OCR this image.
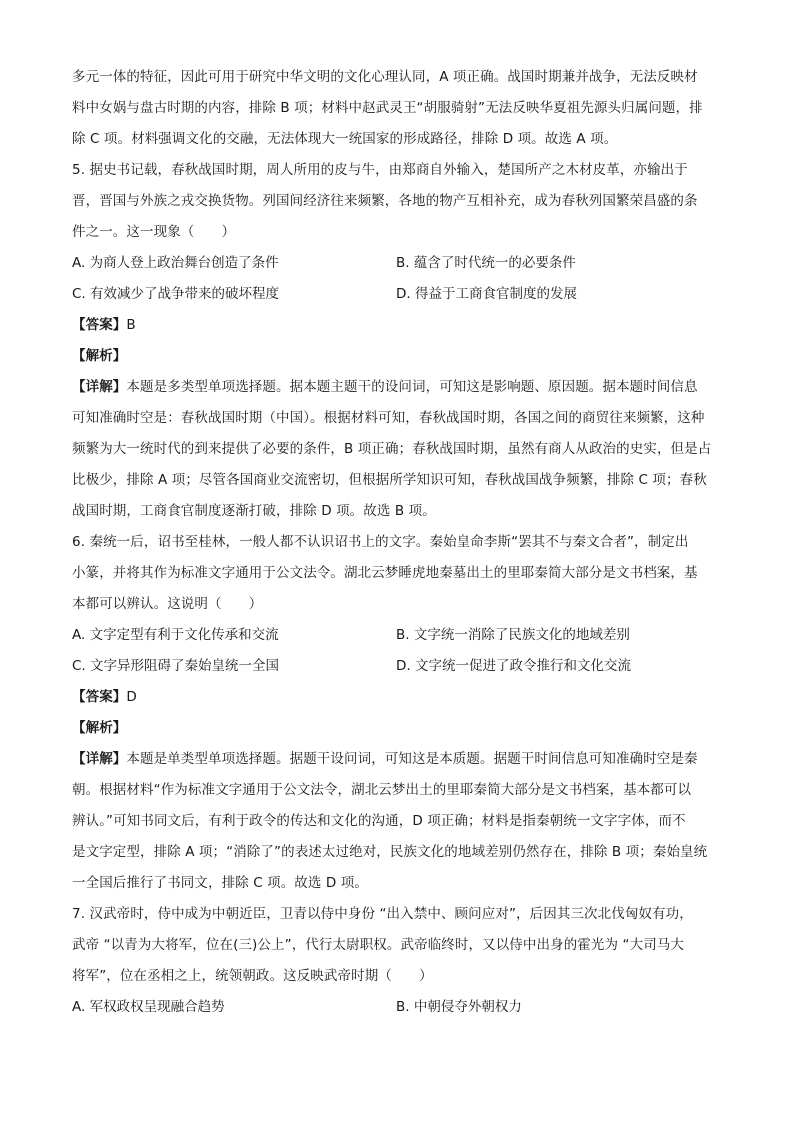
多元一体的特征，因此可用于研究中华文明的文化心理认同，A 项正确。战国时期兼并战争，无法反映材
料中女娲与盘古时期的内容，排除 B 项；材料中赵武灵王“胡服骑射”无法反映华夏祖先源头归属问题，排
除 C 项。材料强调文化的交融，无法体现大一统国家的形成路径，排除 D 项。故选 A 项。
5. 据史书记载，春秋战国时期，周人所用的皮与牛，由郑商自外输入，楚国所产之木材皮革，亦输出于
晋，晋国与外族之戎交换货物。列国间经济往来频繁，各地的物产互相补充，成为春秋列国繁荣昌盛的条
件之一。这一现象（　　）
A. 为商人登上政治舞台创造了条件	B. 蕴含了时代统一的必要条件
C. 有效减少了战争带来的破坏程度	D. 得益于工商食官制度的发展
【答案】B
【解析】
【详解】本题是多类型单项选择题。据本题主题干的设问词，可知这是影响题、原因题。据本题时间信息
可知准确时空是：春秋战国时期（中国）。根据材料可知，春秋战国时期，各国之间的商贸往来频繁，这种
频繁为大一统时代的到来提供了必要的条件，B 项正确；春秋战国时期，虽然有商人从政治的史实，但是占
比极少，排除 A 项；尽管各国商业交流密切，但根据所学知识可知，春秋战国战争频繁，排除 C 项；春秋
战国时期，工商食官制度逐渐打破，排除 D 项。故选 B 项。
6. 秦统一后，诏书至桂林，一般人都不认识诏书上的文字。秦始皇命李斯“罢其不与秦文合者”，制定出
小篆，并将其作为标准文字通用于公文法令。湖北云梦睡虎地秦墓出土的里耶秦简大部分是文书档案，基
本都可以辨认。这说明（　　）
A. 文字定型有利于文化传承和交流	B. 文字统一消除了民族文化的地域差别
C. 文字异形阻碍了秦始皇统一全国	D. 文字统一促进了政令推行和文化交流
【答案】D
【解析】
【详解】本题是单类型单项选择题。据题干设问词，可知这是本质题。据题干时间信息可知准确时空是秦
朝。根据材料“作为标准文字通用于公文法令，湖北云梦出土的里耶秦简大部分是文书档案，基本都可以
辨认。”可知书同文后，有利于政令的传达和文化的沟通，D 项正确；材料是指秦朝统一文字字体，而不
是文字定型，排除 A 项；“消除了”的表述太过绝对，民族文化的地域差别仍然存在，排除 B 项；秦始皇统
一全国后推行了书同文，排除 C 项。故选 D 项。
7. 汉武帝时，侍中成为中朝近臣，卫青以侍中身份 “出入禁中、顾问应对”，后因其三次北伐匈奴有功，
武帝 “以青为大将军，位在(三)公上”，代行太尉职权。武帝临终时，又以侍中出身的霍光为 “大司马大
将军”，位在丞相之上，统领朝政。这反映武帝时期（　　）
A. 军权政权呈现融合趋势	B. 中朝侵夺外朝权力
